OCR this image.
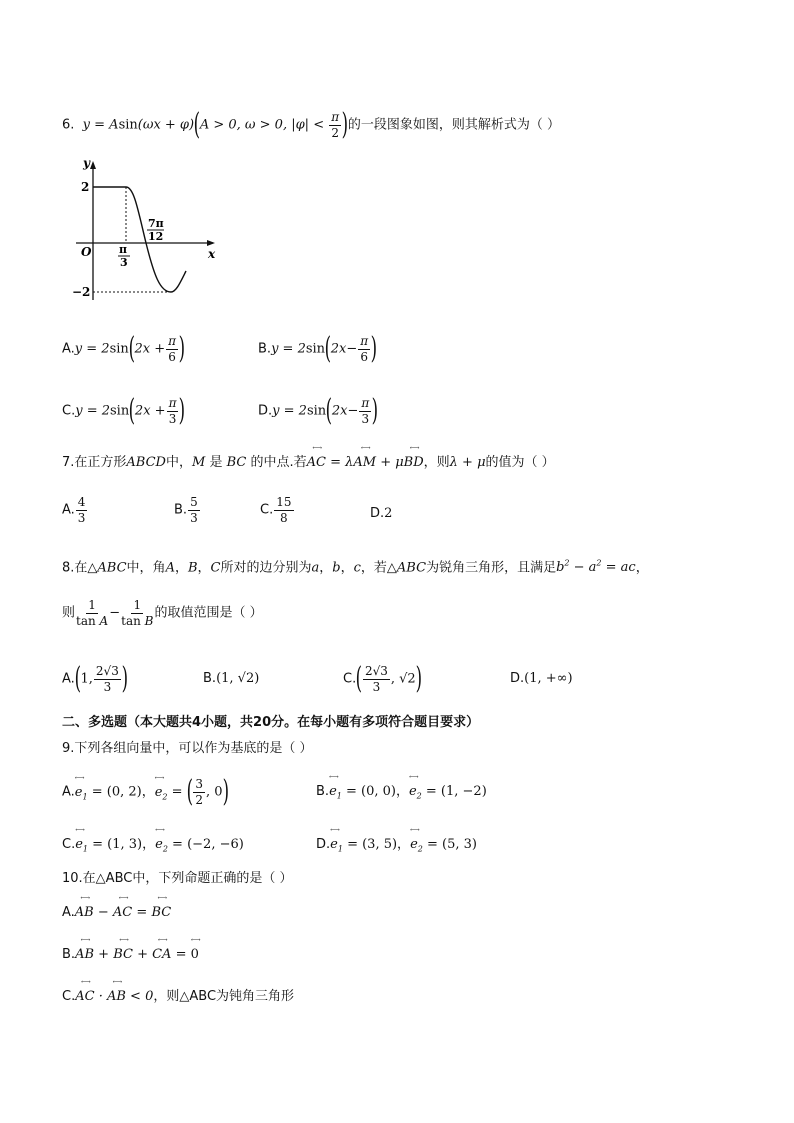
6. y = Asin(ωx + φ)(A > 0, ω > 0, $|\varphi| < \frac{\pi}{2}$ )的一段图象如图，则其解析式为（ ）
y
x
O
2
−2
π
3
7π
12
$A.y = 2\sin(2x + \frac{\pi}{6}$ )	$B.y = 2\sin(2x- \frac{\pi}{6}$ )
$C.y = 2\sin(2x + \frac{\pi}{3}$ )	$D.y = 2\sin(2x- \frac{\pi}{3}$ )
7.在正方形ABCD中，M 是 BC 的中点.若←→ AC = λ←→ AM + μ←→ BD，则λ + μ的值为（ ）
A. $\frac{4}{3}$	B. $\frac{5}{3}$	C. $\frac{15}{8}$	D.2
8.在△ABC中，角A，B，C所对的边分别为a，b，c，若△ABC为锐角三角形，且满足$b^2 - a^2$ = ac，
则 $\frac{1}{\text{tan A}} - \frac{1}{\text{tan B}}$ 的取值范围是（ ）
A.(1, $\frac{2√3}{3}$ )	B.(1, √2)	$C.( \frac{2√3}{3}$ , √2)	D.(1, +∞)
二、多选题（本大题共4小题，共20分。在每小题有多项符合题目要求）
9.下列各组向量中，可以作为基底的是（ ）
A.←→ $e_1 = (0$, 2)，←→ $e_2$ = ( $\frac{3}{2}$ , 0)	B.←→ $e_1 = (0$, 0)，←→ $e_2 = (1$, −2)
C.←→ $e_1 = (1$, 3)，←→ $e_2 = (-2$, −6)	D.←→ $e_1 = (3$, 5)，←→ $e_2 = (5$, 3)
10.在△ABC中，下列命题正确的是（ ）
A.←→ AB − ←→ AC = ←→ BC
B.←→ AB + ←→ BC + ←→ CA = ←→ 0
C.←→ AC · ←→ AB < 0，则△ABC为钝角三角形
